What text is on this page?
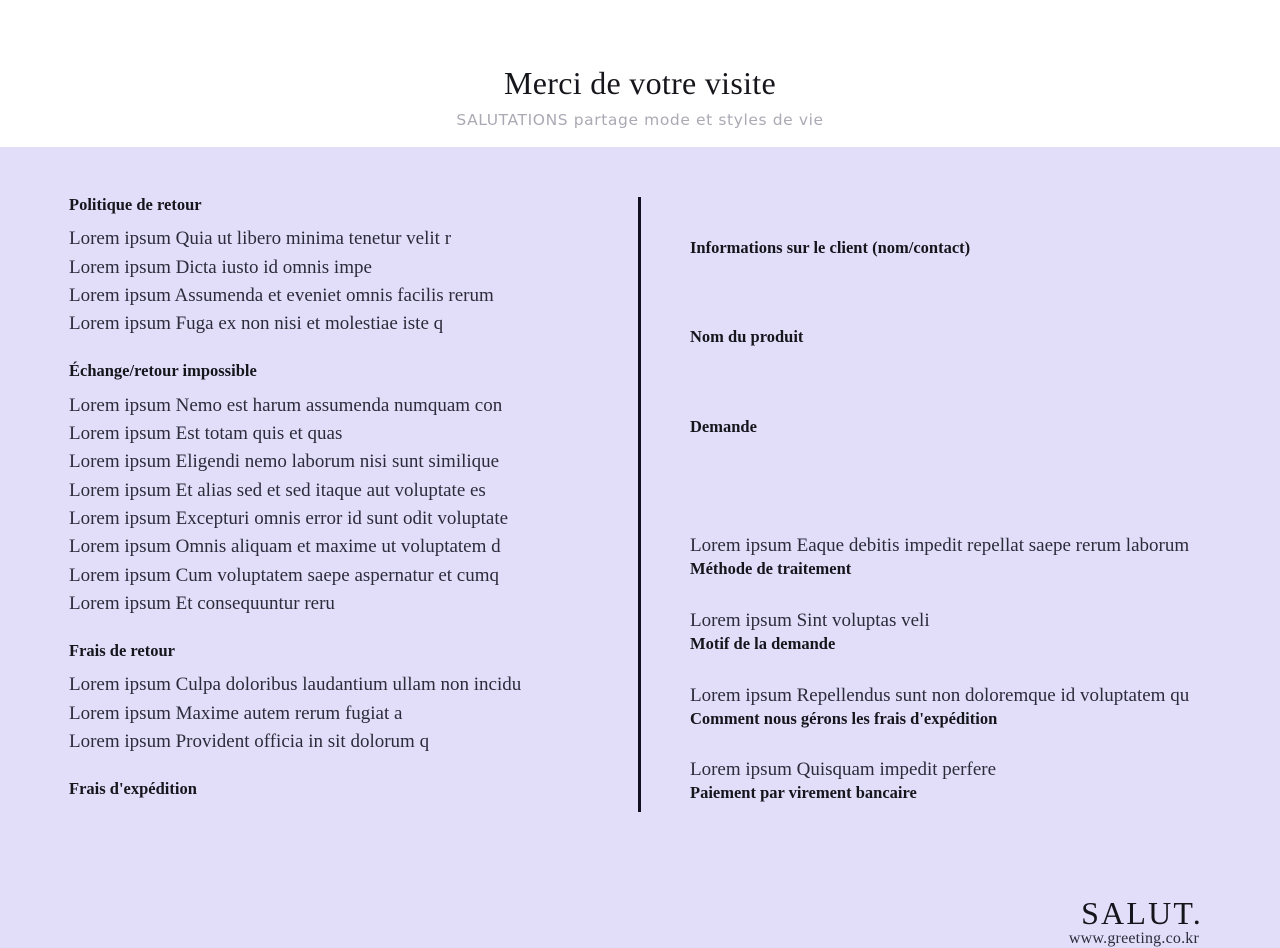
Merci de votre visite
SALUTATIONS partage mode et styles de vie
Politique de retour
Lorem ipsum Quia ut libero minima tenetur velit r
Lorem ipsum Dicta iusto id omnis impe
Lorem ipsum Assumenda et eveniet omnis facilis rerum
Lorem ipsum Fuga ex non nisi et molestiae iste q
Échange/retour impossible
Lorem ipsum Nemo est harum assumenda numquam con
Lorem ipsum Est totam quis et quas
Lorem ipsum Eligendi nemo laborum nisi sunt similique
Lorem ipsum Et alias sed et sed itaque aut voluptate es
Lorem ipsum Excepturi omnis error id sunt odit voluptate
Lorem ipsum Omnis aliquam et maxime ut voluptatem d
Lorem ipsum Cum voluptatem saepe aspernatur et cumq
Lorem ipsum Et consequuntur reru
Frais de retour
Lorem ipsum Culpa doloribus laudantium ullam non incidu
Lorem ipsum Maxime autem rerum fugiat a
Lorem ipsum Provident officia in sit dolorum q
Frais d'expédition
Informations sur le client (nom/contact)
Nom du produit
Demande
Lorem ipsum Eaque debitis impedit repellat saepe rerum laborum
Méthode de traitement
Lorem ipsum Sint voluptas veli
Motif de la demande
Lorem ipsum Repellendus sunt non doloremque id voluptatem qu
Comment nous gérons les frais d'expédition
Lorem ipsum Quisquam impedit perfere
Paiement par virement bancaire
SALUT.
www.greeting.co.kr
